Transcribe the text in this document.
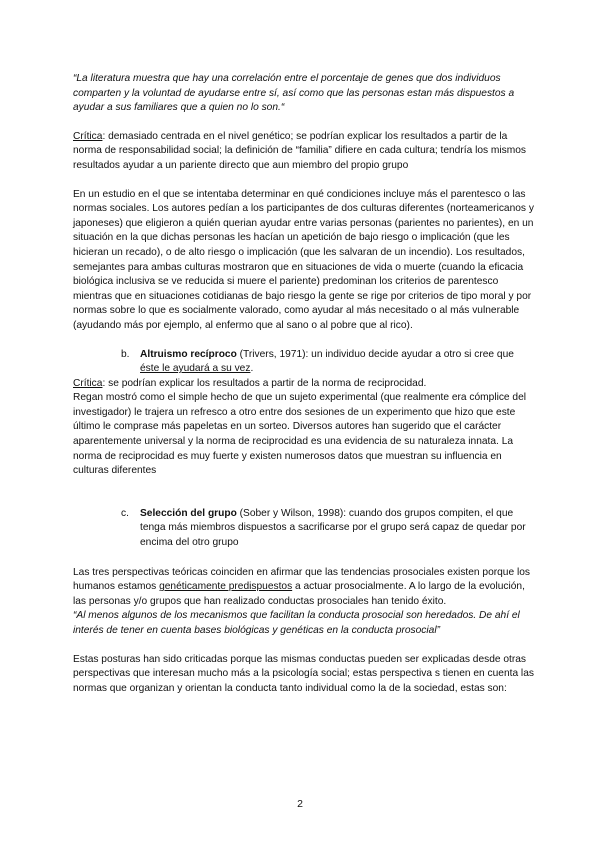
“La literatura muestra que hay una correlación entre el porcentaje de genes que dos individuos comparten y la voluntad de ayudarse entre sí, así como que las personas estan más dispuestos a ayudar a sus familiares que a quien no lo son.“

Crítica: demasiado centrada en el nivel genético; se podrían explicar los resultados a partir de la norma de responsabilidad social; la definición de “familia” difiere en cada cultura; tendría los mismos resultados ayudar a un pariente directo que aun miembro del propio grupo

En un estudio en el que se intentaba determinar en qué condiciones incluye más el parentesco o las normas sociales. Los autores pedían a los participantes de dos culturas diferentes (norteamericanos y japoneses) que eligieron a quién querian ayudar entre varias personas (parientes no parientes), en un situación en la que dichas personas les hacían un apetición de bajo riesgo o implicación (que les hicieran un recado), o de alto riesgo o implicación (que les salvaran de un incendio). Los resultados, semejantes para ambas culturas mostraron que en situaciones de vida o muerte (cuando la eficacia biológica inclusiva se ve reducida si muere el pariente) predominan los criterios de parentesco mientras que en situaciones cotidianas de bajo riesgo la gente se rige por criterios de tipo moral y por normas sobre lo que es socialmente valorado, como ayudar al más necesitado o al más vulnerable (ayudando más por ejemplo, al enfermo que al sano o al pobre que al rico).

b.	Altruismo recíproco (Trivers, 1971): un individuo decide ayudar a otro si cree que éste le ayudará a su vez.

Crítica: se podrían explicar los resultados a partir de la norma de reciprocidad.

Regan mostró como el simple hecho de que un sujeto experimental (que realmente era cómplice del investigador) le trajera un refresco a otro entre dos sesiones de un experimento que hizo que este último le comprase más papeletas en un sorteo. Diversos autores han sugerido que el carácter aparentemente universal y la norma de reciprocidad es una evidencia de su naturaleza innata. La norma de reciprocidad es muy fuerte y existen numerosos datos que muestran su influencia en culturas diferentes

c.	Selección del grupo (Sober y Wilson, 1998): cuando dos grupos compiten, el que tenga más miembros dispuestos a sacrificarse por el grupo será capaz de quedar por encima del otro grupo

Las tres perspectivas teóricas coinciden en afirmar que las tendencias prosociales existen porque los humanos estamos genéticamente predispuestos a actuar prosocialmente. A lo largo de la evolución, las personas y/o grupos que han realizado conductas prosociales han tenido éxito.

“Al menos algunos de los mecanismos que facilitan la conducta prosocial son heredados. De ahí el interés de tener en cuenta bases biológicas y genéticas en la conducta prosocial”

Estas posturas han sido criticadas porque las mismas conductas pueden ser explicadas desde otras perspectivas que interesan mucho más a la psicología social; estas perspectiva s tienen en cuenta las normas que organizan y orientan la conducta tanto individual como la de la sociedad, estas son:

2
